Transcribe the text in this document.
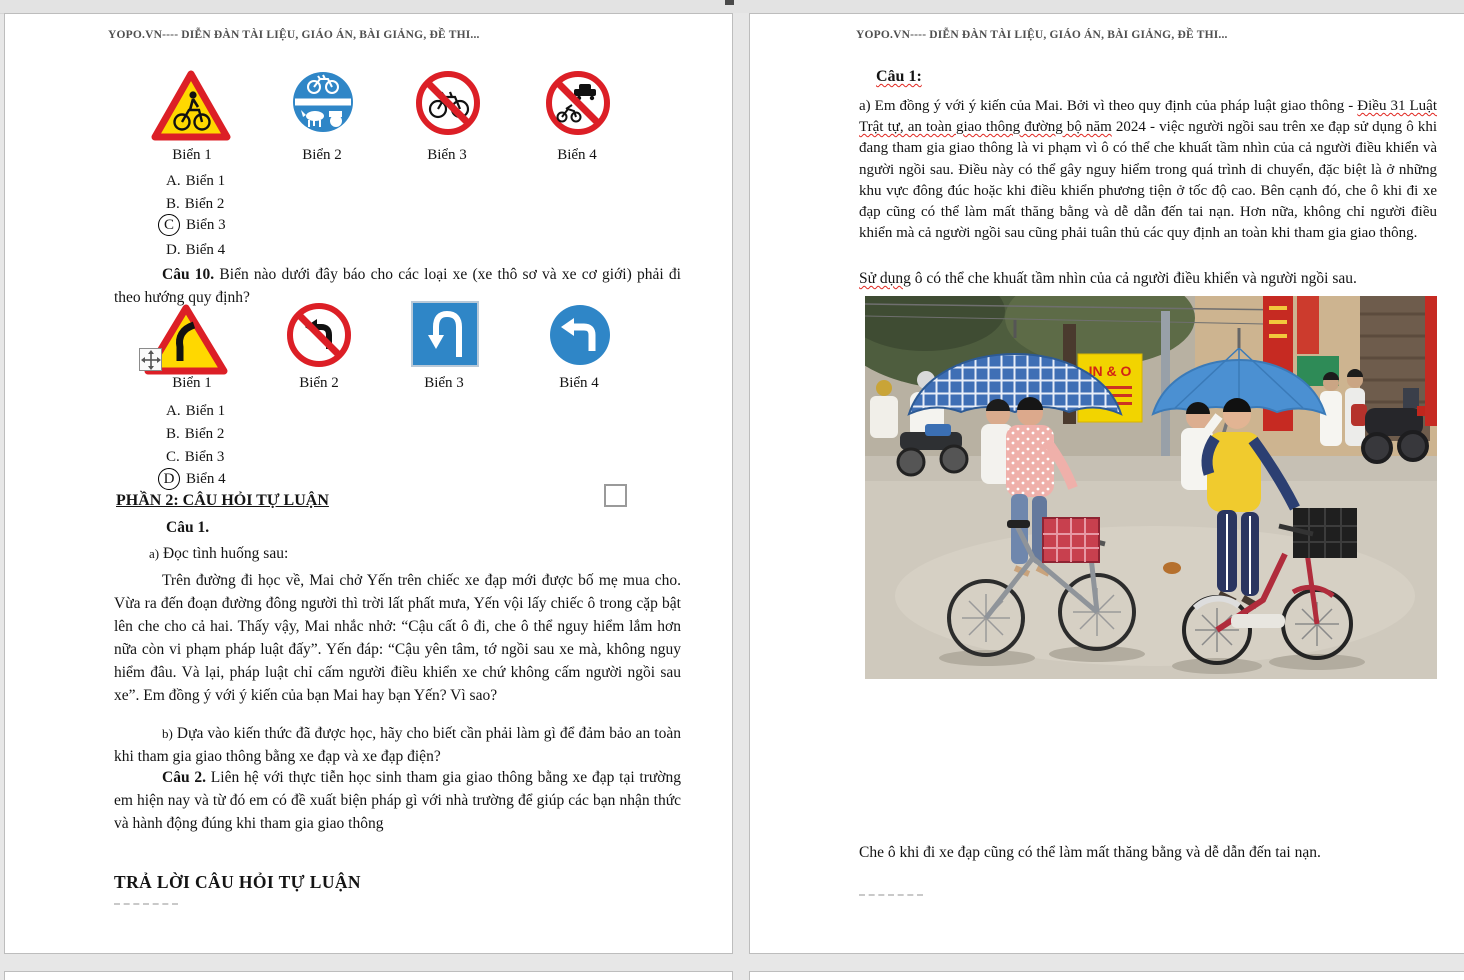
YOPO.VN---- DIỄN ĐÀN TÀI LIỆU, GIÁO ÁN, BÀI GIẢNG, ĐỀ THI...
Biển 1	Biển 2	Biển 3	Biển 4
A. Biển 1
B. Biển 2
C Biển 3
D. Biển 4

Câu 10. Biển nào dưới đây báo cho các loại xe (xe thô sơ và xe cơ giới) phải đi theo hướng quy định?

Biển 1	Biển 2	Biển 3	Biển 4
A. Biển 1
B. Biển 2
C. Biển 3
D Biển 4
PHẦN 2: CÂU HỎI TỰ LUẬN
Câu 1.
a) Đọc tình huống sau:

Trên đường đi học về, Mai chở Yến trên chiếc xe đạp mới được bố mẹ mua cho. Vừa ra đến đoạn đường đông người thì trời lất phất mưa, Yến vội lấy chiếc ô trong cặp bật lên che cho cả hai. Thấy vậy, Mai nhắc nhở: “Cậu cất ô đi, che ô thể nguy hiểm lắm hơn nữa còn vi phạm pháp luật đấy”. Yến đáp: “Cậu yên tâm, tớ ngồi sau xe mà, không nguy hiểm đâu. Và lại, pháp luật chỉ cấm người điều khiển xe chứ không cấm người ngồi sau xe”. Em đồng ý với ý kiến của bạn Mai hay bạn Yến? Vì sao?

b) Dựa vào kiến thức đã được học, hãy cho biết cần phải làm gì để đảm bảo an toàn khi tham gia giao thông bằng xe đạp và xe đạp điện?

Câu 2. Liên hệ với thực tiễn học sinh tham gia giao thông bằng xe đạp tại trường em hiện nay và từ đó em có đề xuất biện pháp gì với nhà trường để giúp các bạn nhận thức và hành động đúng khi tham gia giao thông

TRẢ LỜI CÂU HỎI TỰ LUẬN
YOPO.VN---- DIỄN ĐÀN TÀI LIỆU, GIÁO ÁN, BÀI GIẢNG, ĐỀ THI...
Câu 1:

a) Em đồng ý với ý kiến của Mai. Bởi vì theo quy định của pháp luật giao thông - Điều 31 Luật Trật tự, an toàn giao thông đường bộ năm 2024 - việc người ngồi sau trên xe đạp sử dụng ô khi đang tham gia giao thông là vi phạm vì ô có thể che khuất tầm nhìn của cả người điều khiển và người ngồi sau. Điều này có thể gây nguy hiểm trong quá trình di chuyển, đặc biệt là ở những khu vực đông đúc hoặc khi điều khiển phương tiện ở tốc độ cao. Bên cạnh đó, che ô khi đi xe đạp cũng có thể làm mất thăng bằng và dễ dẫn đến tai nạn. Hơn nữa, không chỉ người điều khiển mà cả người ngồi sau cũng phải tuân thủ các quy định an toàn khi tham gia giao thông.

Sử dụng ô có thể che khuất tầm nhìn của cả người điều khiển và người ngồi sau.
IN & O
Che ô khi đi xe đạp cũng có thể làm mất thăng bằng và dễ dẫn đến tai nạn.
